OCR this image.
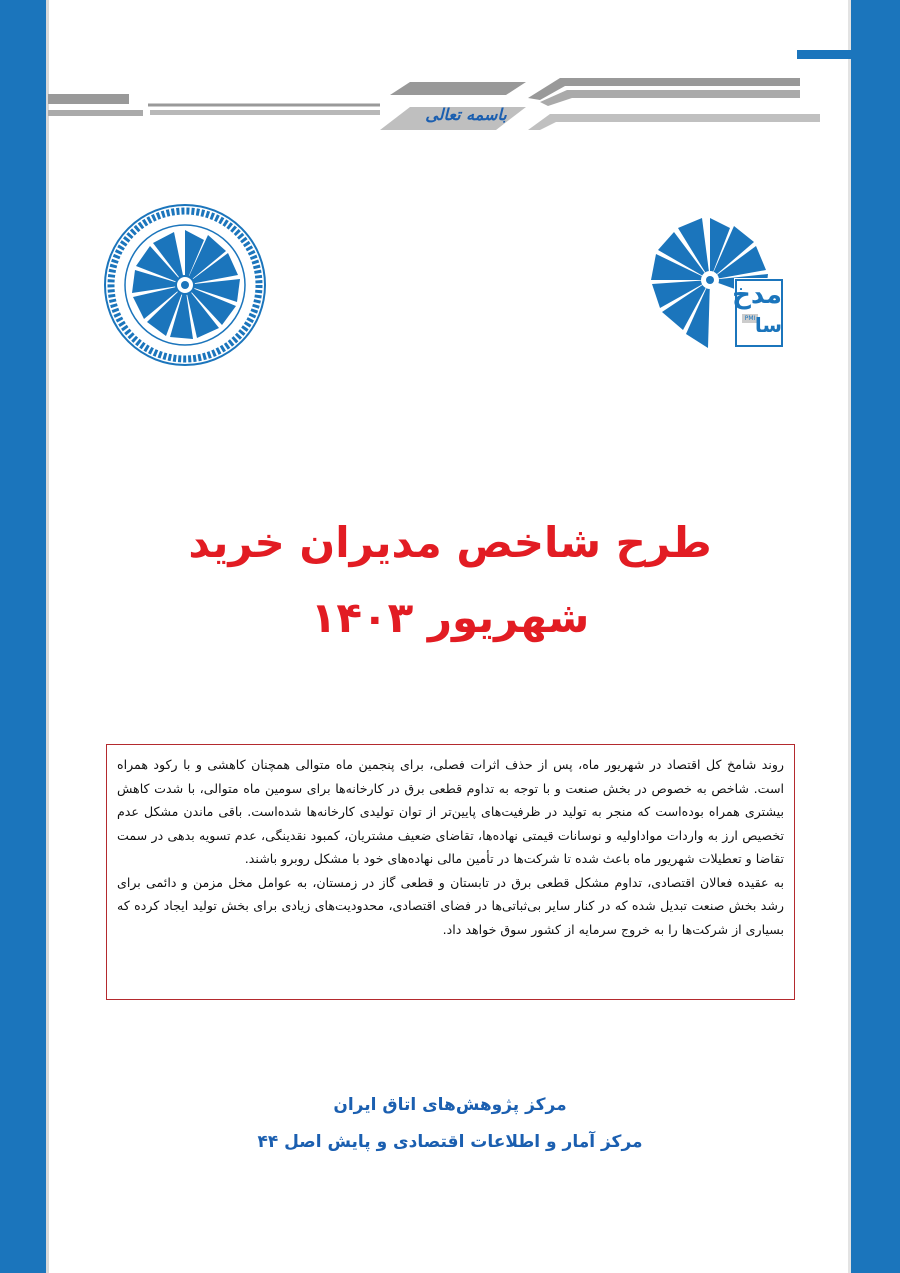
باسمه تعالی
مدخ
سا
PMI
طرح شاخص مدیران خرید
شهریور ۱۴۰۳

روند شامخ کل اقتصاد در شهریور ماه، پس از حذف اثرات فصلی، برای پنجمین ماه متوالی همچنان کاهشی و با رکود همراه است. شاخص به خصوص در بخش صنعت و با توجه به تداوم قطعی برق در کارخانه‌ها برای سومین ماه متوالی، با شدت کاهش بیشتری همراه بوده‌است که منجر به تولید در ظرفیت‌های پایین‌تر از توان تولیدی کارخانه‌ها شده‌است. باقی ماندن مشکل عدم تخصیص ارز به واردات مواداولیه و نوسانات قیمتی نهاده‌ها، تقاضای ضعیف مشتریان، کمبود نقدینگی، عدم تسویه بدهی در سمت تقاضا و تعطیلات شهریور ماه باعث شده تا شرکت‌ها در تأمین مالی نهاده‌های خود با مشکل روبرو باشند.

به عقیده فعالان اقتصادی، تداوم مشکل قطعی برق در تابستان و قطعی گاز در زمستان، به عوامل مخل مزمن و دائمی برای رشد بخش صنعت تبدیل شده که در کنار سایر بی‌ثباتی‌ها در فضای اقتصادی، محدودیت‌های زیادی برای بخش تولید ایجاد کرده که بسیاری از شرکت‌ها را به خروج سرمایه از کشور سوق خواهد داد.

مرکز پژوهش‌های اتاق ایران
مرکز آمار و اطلاعات اقتصادی و پایش اصل ۴۴
